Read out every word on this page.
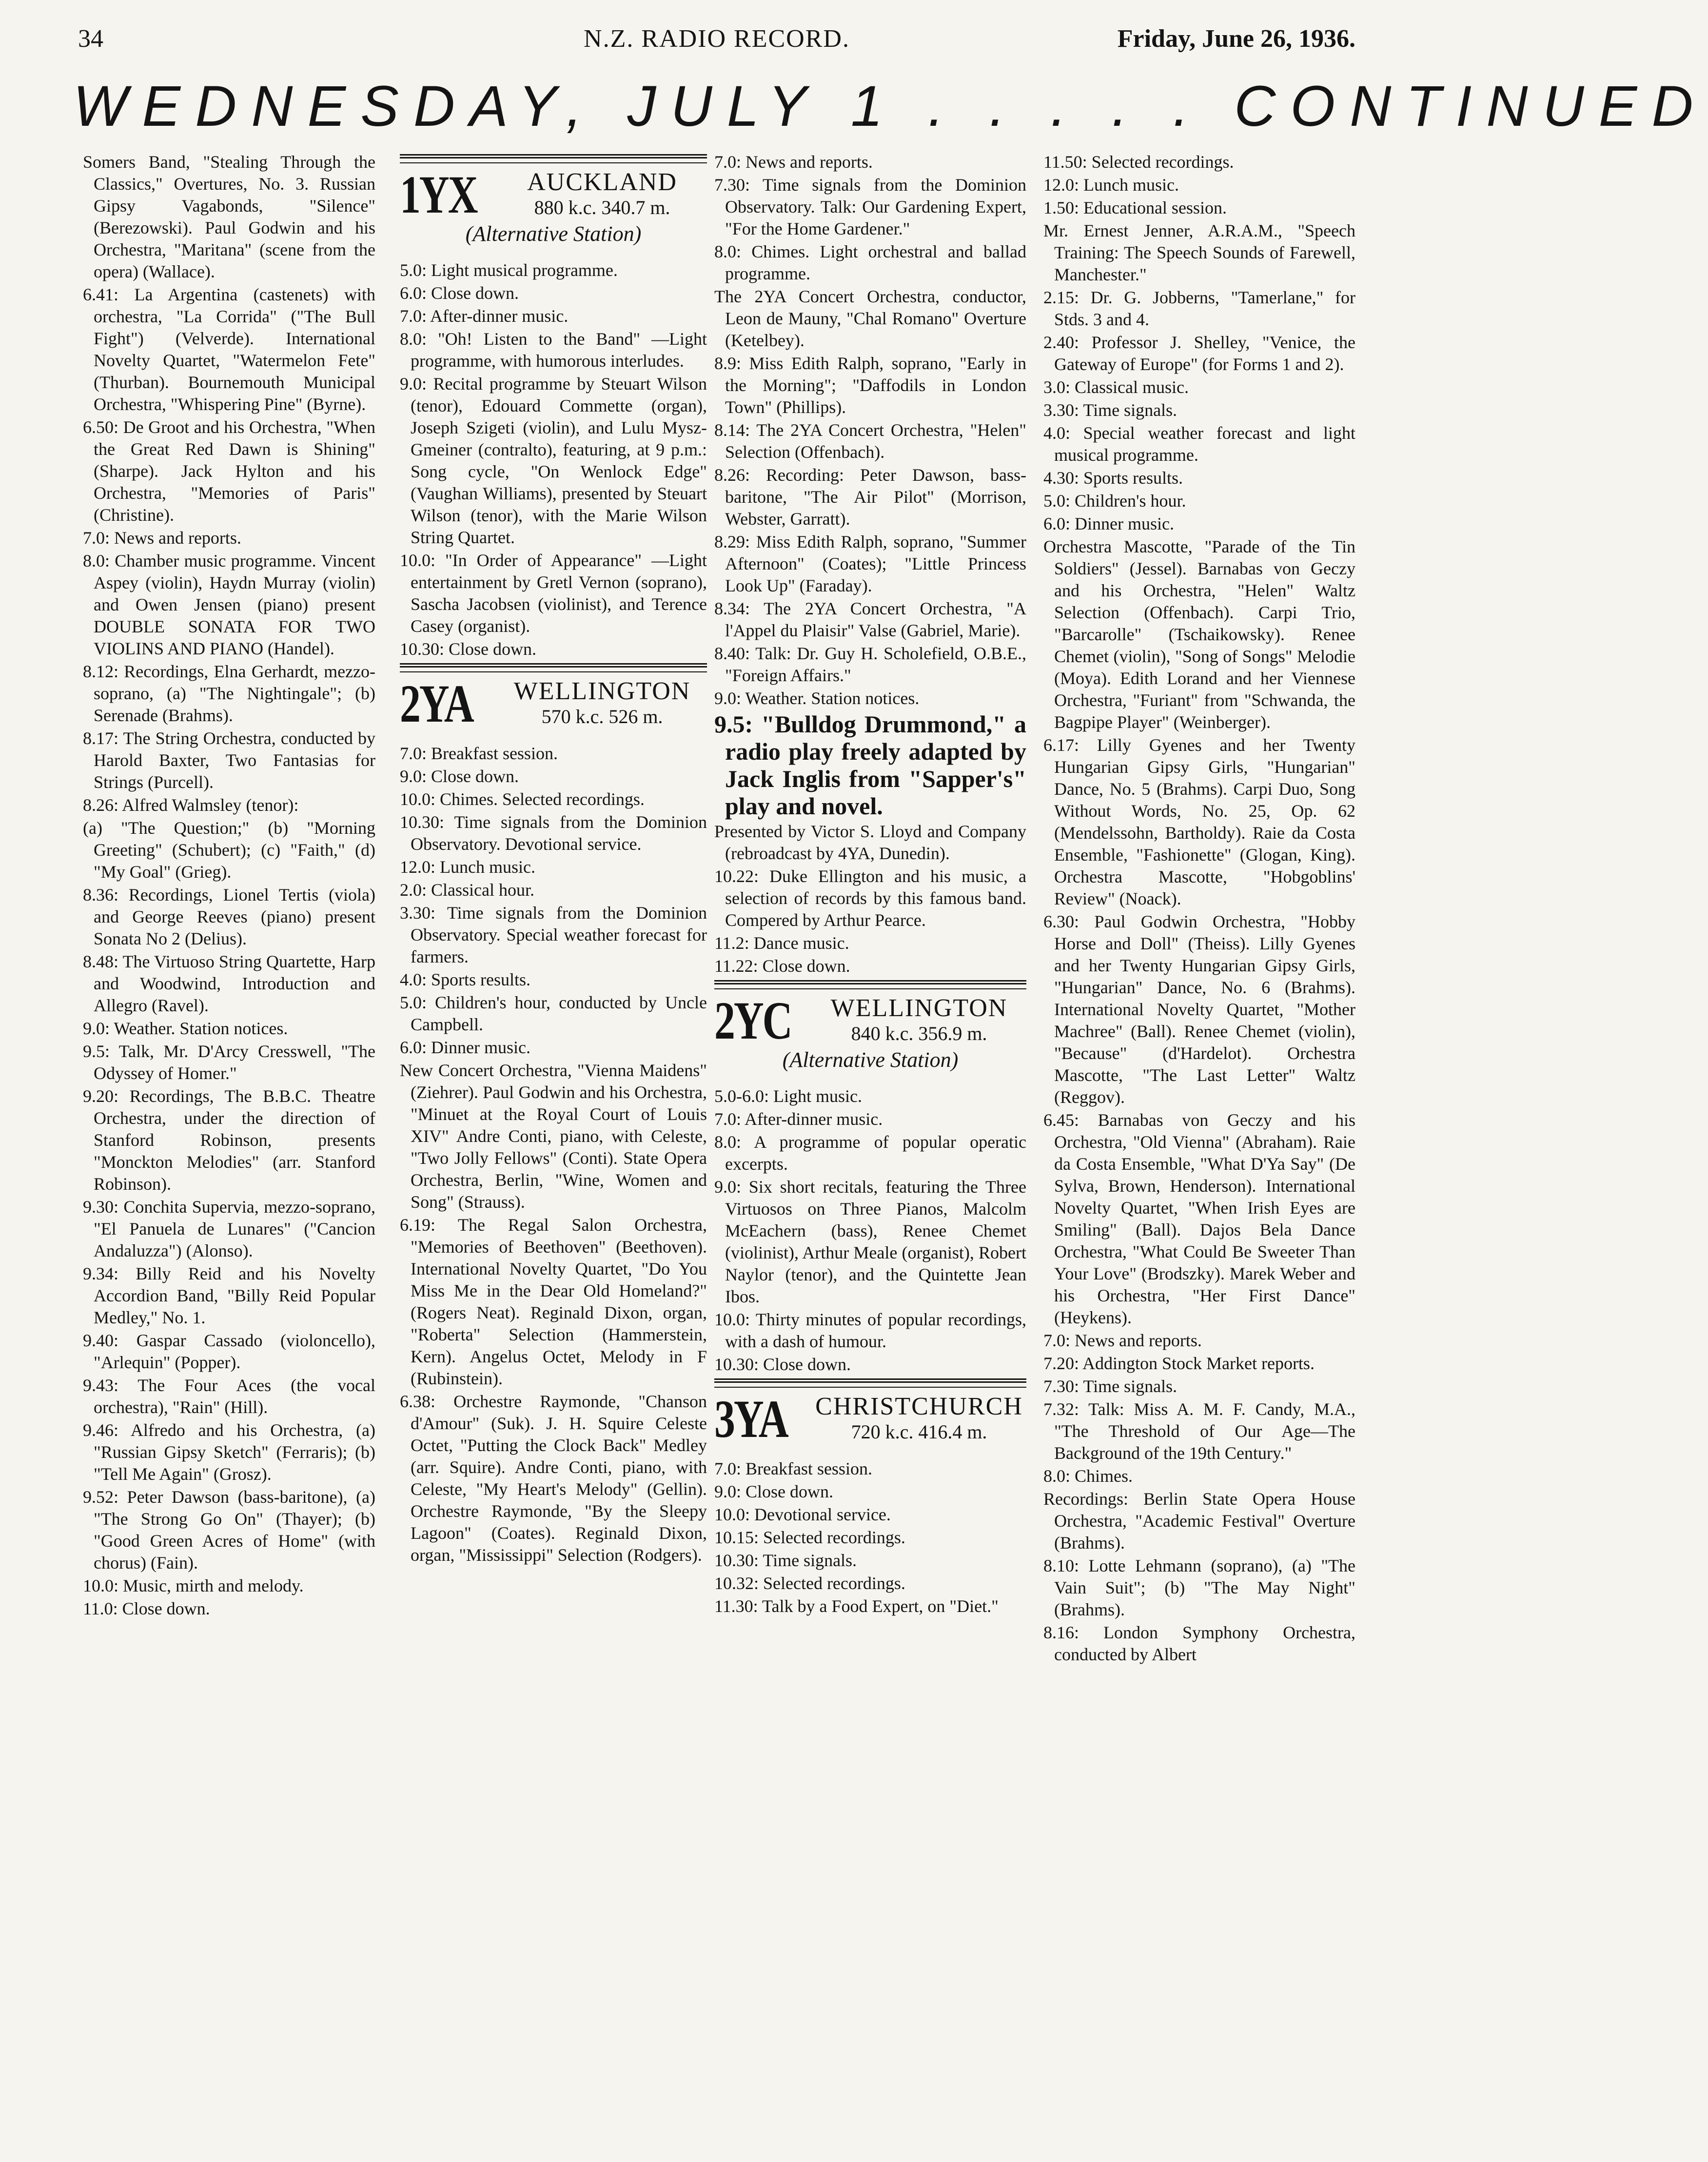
34	N.Z. RADIO RECORD.	Friday, June 26, 1936.
WEDNESDAY, JULY 1 . . . . . CONTINUED

Somers Band, "Stealing Through the Classics," Overtures, No. 3. Russian Gipsy Vagabonds, "Silence" (Berezowski). Paul Godwin and his Orchestra, "Maritana" (scene from the opera) (Wallace).

6.41: La Argentina (castenets) with orchestra, "La Corrida" ("The Bull Fight") (Velverde). International Novelty Quartet, "Watermelon Fete" (Thurban). Bournemouth Municipal Orchestra, "Whispering Pine" (Byrne).

6.50: De Groot and his Orchestra, "When the Great Red Dawn is Shining" (Sharpe). Jack Hylton and his Orchestra, "Memories of Paris" (Christine).

7.0: News and reports.

8.0: Chamber music programme. Vincent Aspey (violin), Haydn Murray (violin) and Owen Jensen (piano) present DOUBLE SONATA FOR TWO VIOLINS AND PIANO (Handel).

8.12: Recordings, Elna Gerhardt, mezzo-soprano, (a) "The Nightingale"; (b) Serenade (Brahms).

8.17: The String Orchestra, conducted by Harold Baxter, Two Fantasias for Strings (Purcell).

8.26: Alfred Walmsley (tenor):

(a) "The Question;" (b) "Morning Greeting" (Schubert); (c) "Faith," (d) "My Goal" (Grieg).

8.36: Recordings, Lionel Tertis (viola) and George Reeves (piano) present Sonata No 2 (Delius).

8.48: The Virtuoso String Quartette, Harp and Woodwind, Introduction and Allegro (Ravel).

9.0: Weather. Station notices.

9.5: Talk, Mr. D'Arcy Cresswell, "The Odyssey of Homer."

9.20: Recordings, The B.B.C. Theatre Orchestra, under the direction of Stanford Robinson, presents "Monckton Melodies" (arr. Stanford Robinson).

9.30: Conchita Supervia, mezzo-soprano, "El Panuela de Lunares" ("Cancion Andaluzza") (Alonso).

9.34: Billy Reid and his Novelty Accordion Band, "Billy Reid Popular Medley," No. 1.

9.40: Gaspar Cassado (violoncello), "Arlequin" (Popper).

9.43: The Four Aces (the vocal orchestra), "Rain" (Hill).

9.46: Alfredo and his Orchestra, (a) "Russian Gipsy Sketch" (Ferraris); (b) "Tell Me Again" (Grosz).

9.52: Peter Dawson (bass-baritone), (a) "The Strong Go On" (Thayer); (b) "Good Green Acres of Home" (with chorus) (Fain).

10.0: Music, mirth and melody.

11.0: Close down.

1YX	AUCKLAND
880 k.c. 340.7 m.
(Alternative Station)

5.0: Light musical programme.

6.0: Close down.

7.0: After-dinner music.

8.0: "Oh! Listen to the Band" —Light programme, with humorous interludes.

9.0: Recital programme by Steuart Wilson (tenor), Edouard Commette (organ), Joseph Szigeti (violin), and Lulu Mysz-Gmeiner (contralto), featuring, at 9 p.m.: Song cycle, "On Wenlock Edge" (Vaughan Williams), presented by Steuart Wilson (tenor), with the Marie Wilson String Quartet.

10.0: "In Order of Appearance" —Light entertainment by Gretl Vernon (soprano), Sascha Jacobsen (violinist), and Terence Casey (organist).

10.30: Close down.

2YA	WELLINGTON
570 k.c. 526 m.

7.0: Breakfast session.

9.0: Close down.

10.0: Chimes. Selected recordings.

10.30: Time signals from the Dominion Observatory. Devotional service.

12.0: Lunch music.

2.0: Classical hour.

3.30: Time signals from the Dominion Observatory. Special weather forecast for farmers.

4.0: Sports results.

5.0: Children's hour, conducted by Uncle Campbell.

6.0: Dinner music.

New Concert Orchestra, "Vienna Maidens" (Ziehrer). Paul Godwin and his Orchestra, "Minuet at the Royal Court of Louis XIV" Andre Conti, piano, with Celeste, "Two Jolly Fellows" (Conti). State Opera Orchestra, Berlin, "Wine, Women and Song" (Strauss).

6.19: The Regal Salon Orchestra, "Memories of Beethoven" (Beethoven). International Novelty Quartet, "Do You Miss Me in the Dear Old Homeland?" (Rogers Neat). Reginald Dixon, organ, "Roberta" Selection (Hammerstein, Kern). Angelus Octet, Melody in F (Rubinstein).

6.38: Orchestre Raymonde, "Chanson d'Amour" (Suk). J. H. Squire Celeste Octet, "Putting the Clock Back" Medley (arr. Squire). Andre Conti, piano, with Celeste, "My Heart's Melody" (Gellin). Orchestre Raymonde, "By the Sleepy Lagoon" (Coates). Reginald Dixon, organ, "Mississippi" Selection (Rodgers).

7.0: News and reports.

7.30: Time signals from the Dominion Observatory. Talk: Our Gardening Expert, "For the Home Gardener."

8.0: Chimes. Light orchestral and ballad programme.

The 2YA Concert Orchestra, conductor, Leon de Mauny, "Chal Romano" Overture (Ketelbey).

8.9: Miss Edith Ralph, soprano, "Early in the Morning"; "Daffodils in London Town" (Phillips).

8.14: The 2YA Concert Orchestra, "Helen" Selection (Offenbach).

8.26: Recording: Peter Dawson, bass-baritone, "The Air Pilot" (Morrison, Webster, Garratt).

8.29: Miss Edith Ralph, soprano, "Summer Afternoon" (Coates); "Little Princess Look Up" (Faraday).

8.34: The 2YA Concert Orchestra, "A l'Appel du Plaisir" Valse (Gabriel, Marie).

8.40: Talk: Dr. Guy H. Scholefield, O.B.E., "Foreign Affairs."

9.0: Weather. Station notices.

9.5: "Bulldog Drummond," a radio play freely adapted by Jack Inglis from "Sapper's" play and novel.

Presented by Victor S. Lloyd and Company (rebroadcast by 4YA, Dunedin).

10.22: Duke Ellington and his music, a selection of records by this famous band. Compered by Arthur Pearce.

11.2: Dance music.

11.22: Close down.

2YC	WELLINGTON
840 k.c. 356.9 m.
(Alternative Station)

5.0-6.0: Light music.

7.0: After-dinner music.

8.0: A programme of popular operatic excerpts.

9.0: Six short recitals, featuring the Three Virtuosos on Three Pianos, Malcolm McEachern (bass), Renee Chemet (violinist), Arthur Meale (organist), Robert Naylor (tenor), and the Quintette Jean Ibos.

10.0: Thirty minutes of popular recordings, with a dash of humour.

10.30: Close down.

3YA CHRISTCHURCH
720 k.c. 416.4 m.

7.0: Breakfast session.

9.0: Close down.

10.0: Devotional service.

10.15: Selected recordings.

10.30: Time signals.

10.32: Selected recordings.

11.30: Talk by a Food Expert, on "Diet."

11.50: Selected recordings.

12.0: Lunch music.

1.50: Educational session.

Mr. Ernest Jenner, A.R.A.M., "Speech Training: The Speech Sounds of Farewell, Manchester."

2.15: Dr. G. Jobberns, "Tamerlane," for Stds. 3 and 4.

2.40: Professor J. Shelley, "Venice, the Gateway of Europe" (for Forms 1 and 2).

3.0: Classical music.

3.30: Time signals.

4.0: Special weather forecast and light musical programme.

4.30: Sports results.

5.0: Children's hour.

6.0: Dinner music.

Orchestra Mascotte, "Parade of the Tin Soldiers" (Jessel). Barnabas von Geczy and his Orchestra, "Helen" Waltz Selection (Offenbach). Carpi Trio, "Barcarolle" (Tschaikowsky). Renee Chemet (violin), "Song of Songs" Melodie (Moya). Edith Lorand and her Viennese Orchestra, "Furiant" from "Schwanda, the Bagpipe Player" (Weinberger).

6.17: Lilly Gyenes and her Twenty Hungarian Gipsy Girls, "Hungarian" Dance, No. 5 (Brahms). Carpi Duo, Song Without Words, No. 25, Op. 62 (Mendelssohn, Bartholdy). Raie da Costa Ensemble, "Fashionette" (Glogan, King). Orchestra Mascotte, "Hobgoblins' Review" (Noack).

6.30: Paul Godwin Orchestra, "Hobby Horse and Doll" (Theiss). Lilly Gyenes and her Twenty Hungarian Gipsy Girls, "Hungarian" Dance, No. 6 (Brahms). International Novelty Quartet, "Mother Machree" (Ball). Renee Chemet (violin), "Because" (d'Hardelot). Orchestra Mascotte, "The Last Letter" Waltz (Reggov).

6.45: Barnabas von Geczy and his Orchestra, "Old Vienna" (Abraham). Raie da Costa Ensemble, "What D'Ya Say" (De Sylva, Brown, Henderson). International Novelty Quartet, "When Irish Eyes are Smiling" (Ball). Dajos Bela Dance Orchestra, "What Could Be Sweeter Than Your Love" (Brodszky). Marek Weber and his Orchestra, "Her First Dance" (Heykens).

7.0: News and reports.

7.20: Addington Stock Market reports.

7.30: Time signals.

7.32: Talk: Miss A. M. F. Candy, M.A., "The Threshold of Our Age—The Background of the 19th Century."

8.0: Chimes.

Recordings: Berlin State Opera House Orchestra, "Academic Festival" Overture (Brahms).

8.10: Lotte Lehmann (soprano), (a) "The Vain Suit"; (b) "The May Night" (Brahms).

8.16: London Symphony Orchestra, conducted by Albert
